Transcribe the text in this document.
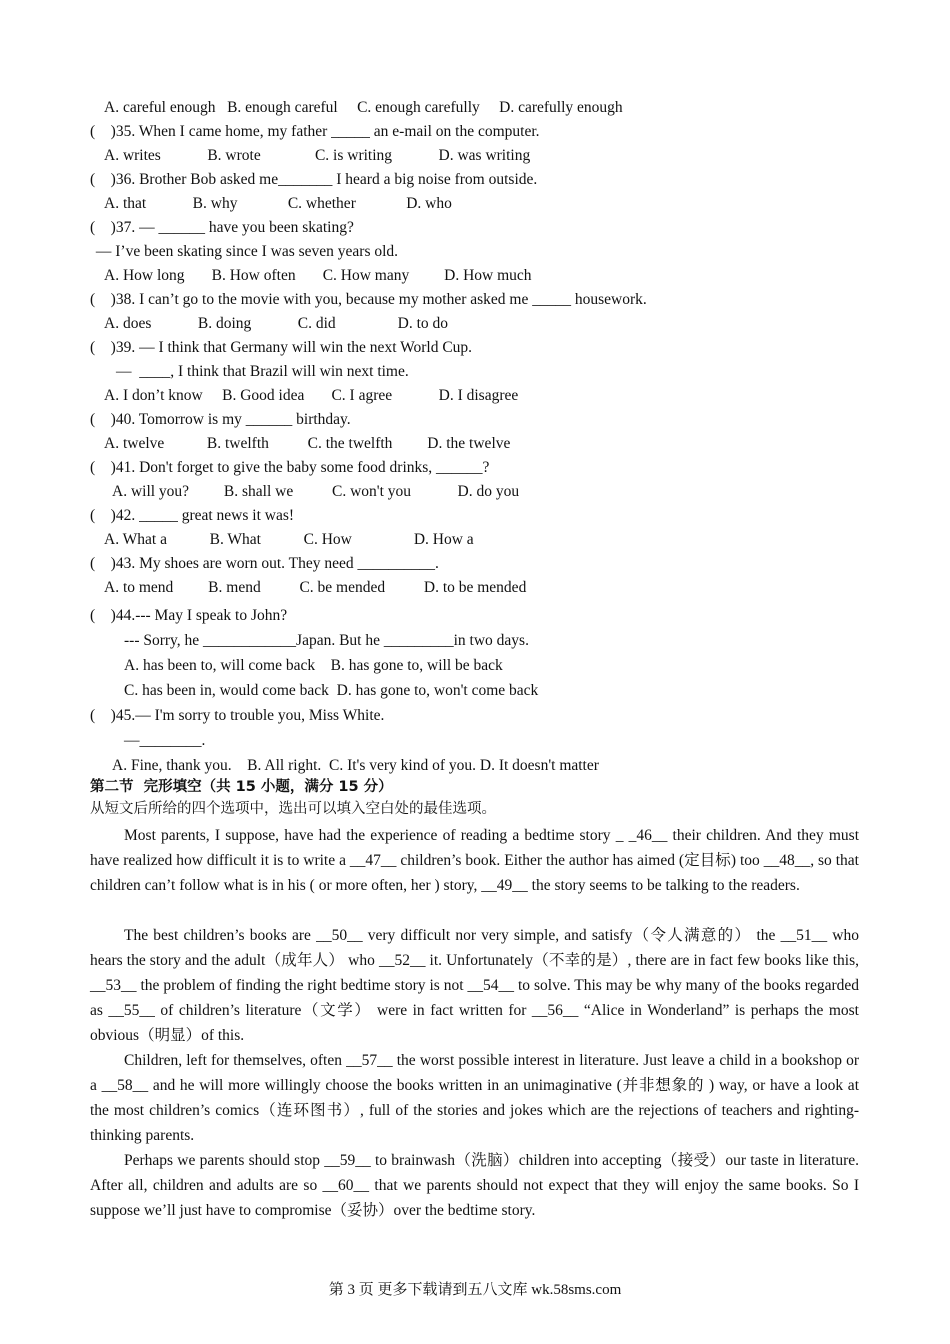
A. careful enough   B. enough careful     C. enough carefully     D. carefully enough
(    )35. When I came home, my father _____ an e-mail on the computer.
A. writes            B. wrote              C. is writing            D. was writing
(    )36. Brother Bob asked me_______ I heard a big noise from outside.
A. that            B. why             C. whether             D. who
(    )37. — ______ have you been skating?
— I’ve been skating since I was seven years old.
A. How long       B. How often       C. How many         D. How much
(    )38. I can’t go to the movie with you, because my mother asked me _____ housework.
A. does            B. doing            C. did                D. to do
(    )39. — I think that Germany will win the next World Cup.
—  ____, I think that Brazil will win next time.
A. I don’t know     B. Good idea       C. I agree            D. I disagree
(    )40. Tomorrow is my ______ birthday.
A. twelve           B. twelfth          C. the twelfth         D. the twelve
(    )41. Don't forget to give the baby some food drinks, ______?
A. will you?         B. shall we          C. won't you            D. do you
(    )42. _____ great news it was!
A. What a           B. What           C. How                D. How a
(    )43. My shoes are worn out. They need __________.
A. to mend         B. mend          C. be mended          D. to be mended
(    )44.--- May I speak to John?
--- Sorry, he ____________Japan. But he _________in two days.
A. has been to, will come back    B. has gone to, will be back
C. has been in, would come back  D. has gone to, won't come back
(    )45.— I'm sorry to trouble you, Miss White.
—________.
A. Fine, thank you.    B. All right.  C. It's very kind of you. D. It doesn't matter
第二节  完形填空（共 15 小题，满分 15 分）
从短文后所给的四个选项中，选出可以填入空白处的最佳选项。
Most parents, I suppose, have had the experience of reading a bedtime story _ _46__ their children. And they must have realized how difficult it is to write a __47__ children’s book. Either the author has aimed (定目标) too __48__, so that children can’t follow what is in his ( or more often, her ) story, __49__ the story seems to be talking to the readers.
The best children’s books are __50__ very difficult nor very simple, and satisfy（令人满意的） the __51__ who hears the story and the adult（成年人） who __52__ it. Unfortunately（不幸的是）, there are in fact few books like this, __53__ the problem of finding the right bedtime story is not __54__ to solve. This may be why many of the books regarded as __55__ of children’s literature（文学） were in fact written for __56__ “Alice in Wonderland” is perhaps the most obvious（明显）of this.
Children, left for themselves, often __57__ the worst possible interest in literature. Just leave a child in a bookshop or a __58__ and he will more willingly choose the books written in an unimaginative (并非想象的 ) way, or have a look at the most children’s comics（连环图书）, full of the stories and jokes which are the rejections of teachers and righting-thinking parents.
Perhaps we parents should stop __59__ to brainwash（洗脑）children into accepting（接受）our taste in literature. After all, children and adults are so __60__ that we parents should not expect that they will enjoy the same books. So I suppose we’ll just have to compromise（妥协）over the bedtime story.
第 3 页 更多下载请到五八文库 wk.58sms.com
